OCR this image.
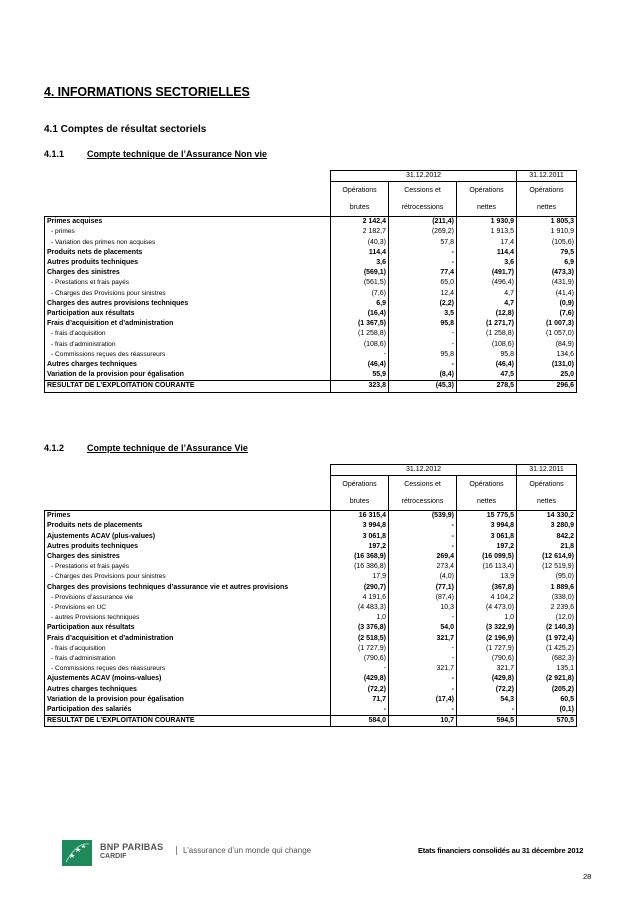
4. INFORMATIONS SECTORIELLES
4.1 Comptes de résultat sectoriels
4.1.1	Compte technique de l’Assurance Non vie
	31.12.2012			31.12.2011
	Opérations	Cessions et	Opérations	Opérations
	brutes	rétrocessions	nettes	nettes
Primes acquises	2 142,4	(211,4)	1 930,9	1 805,3
- primes	2 182,7	(269,2)	1 913,5	1 910,9
- Variation des primes non acquises	(40,3)	57,8	17,4	(105,6)
Produits nets de placements	114,4	-	114,4	79,5
Autres produits techniques	3,6	-	3,6	6,9
Charges des sinistres	(569,1)	77,4	(491,7)	(473,3)
- Prestations et frais payés	(561,5)	65,0	(496,4)	(431,9)
- Charges des Provisions pour sinistres	(7,6)	12,4	4,7	(41,4)
Charges des autres provisions techniques	6,9	(2,2)	4,7	(0,9)
Participation aux résultats	(16,4)	3,5	(12,8)	(7,6)
Frais d’acquisition et d’administration	(1 367,5)	95,8	(1 271,7)	(1 007,3)
- frais d’acquisition	(1 258,8)	-	(1 258,8)	(1 057,0)
- frais d’administration	(108,6)	-	(108,6)	(84,9)
- Commissions reçues des réassureurs	-	95,8	95,8	134,6
Autres charges techniques	(46,4)	-	(46,4)	(131,0)
Variation de la provision pour égalisation	55,9	(8,4)	47,5	25,0
RESULTAT DE L’EXPLOITATION COURANTE	323,8	(45,3)	278,5	296,6
4.1.2	Compte technique de l’Assurance Vie
	31.12.2012			31.12.2011
	Opérations	Cessions et	Opérations	Opérations
	brutes	rétrocessions	nettes	nettes
Primes	16 315,4	(539,9)	15 775,5	14 330,2
Produits nets de placements	3 994,8	-	3 994,8	3 280,9
Ajustements ACAV (plus-values)	3 061,8	-	3 061,8	842,2
Autres produits techniques	197,2	-	197,2	21,8
Charges des sinistres	(16 368,9)	269,4	(16 099,5)	(12 614,9)
- Prestations et frais payés	(16 386,8)	273,4	(16 113,4)	(12 519,9)
- Charges des Provisions pour sinistres	17,9	(4,0)	13,9	(95,0)
Charges des provisions techniques d’assurance vie et autres provisions	(290,7)	(77,1)	(367,8)	1 889,6
- Provisions d’assurance vie	4 191,6	(87,4)	4 104,2	(338,0)
- Provisions en UC	(4 483,3)	10,3	(4 473,0)	2 239,6
- autres Provisions techniques	1,0	-	1,0	(12,0)
Participation aux résultats	(3 376,8)	54,0	(3 322,9)	(2 140,3)
Frais d’acquisition et d’administration	(2 518,5)	321,7	(2 196,9)	(1 972,4)
- frais d’acquisition	(1 727,9)	-	(1 727,9)	(1 425,2)
- frais d’administration	(790,6)	-	(790,6)	(682,3)
- Commissions reçues des réassureurs	-	321,7	321,7	135,1
Ajustements ACAV (moins-values)	(429,8)	-	(429,8)	(2 921,8)
Autres charges techniques	(72,2)	-	(72,2)	(205,2)
Variation de la provision pour égalisation	71,7	(17,4)	54,3	60,5
Participation des salariés	-	-	-	(0,1)
RESULTAT DE L’EXPLOITATION COURANTE	584,0	10,7	594,5	570,5
BNP PARIBAS
CARDIF
L’assurance d’un monde qui change	Etats financiers consolidés au 31 décembre 2012
28
